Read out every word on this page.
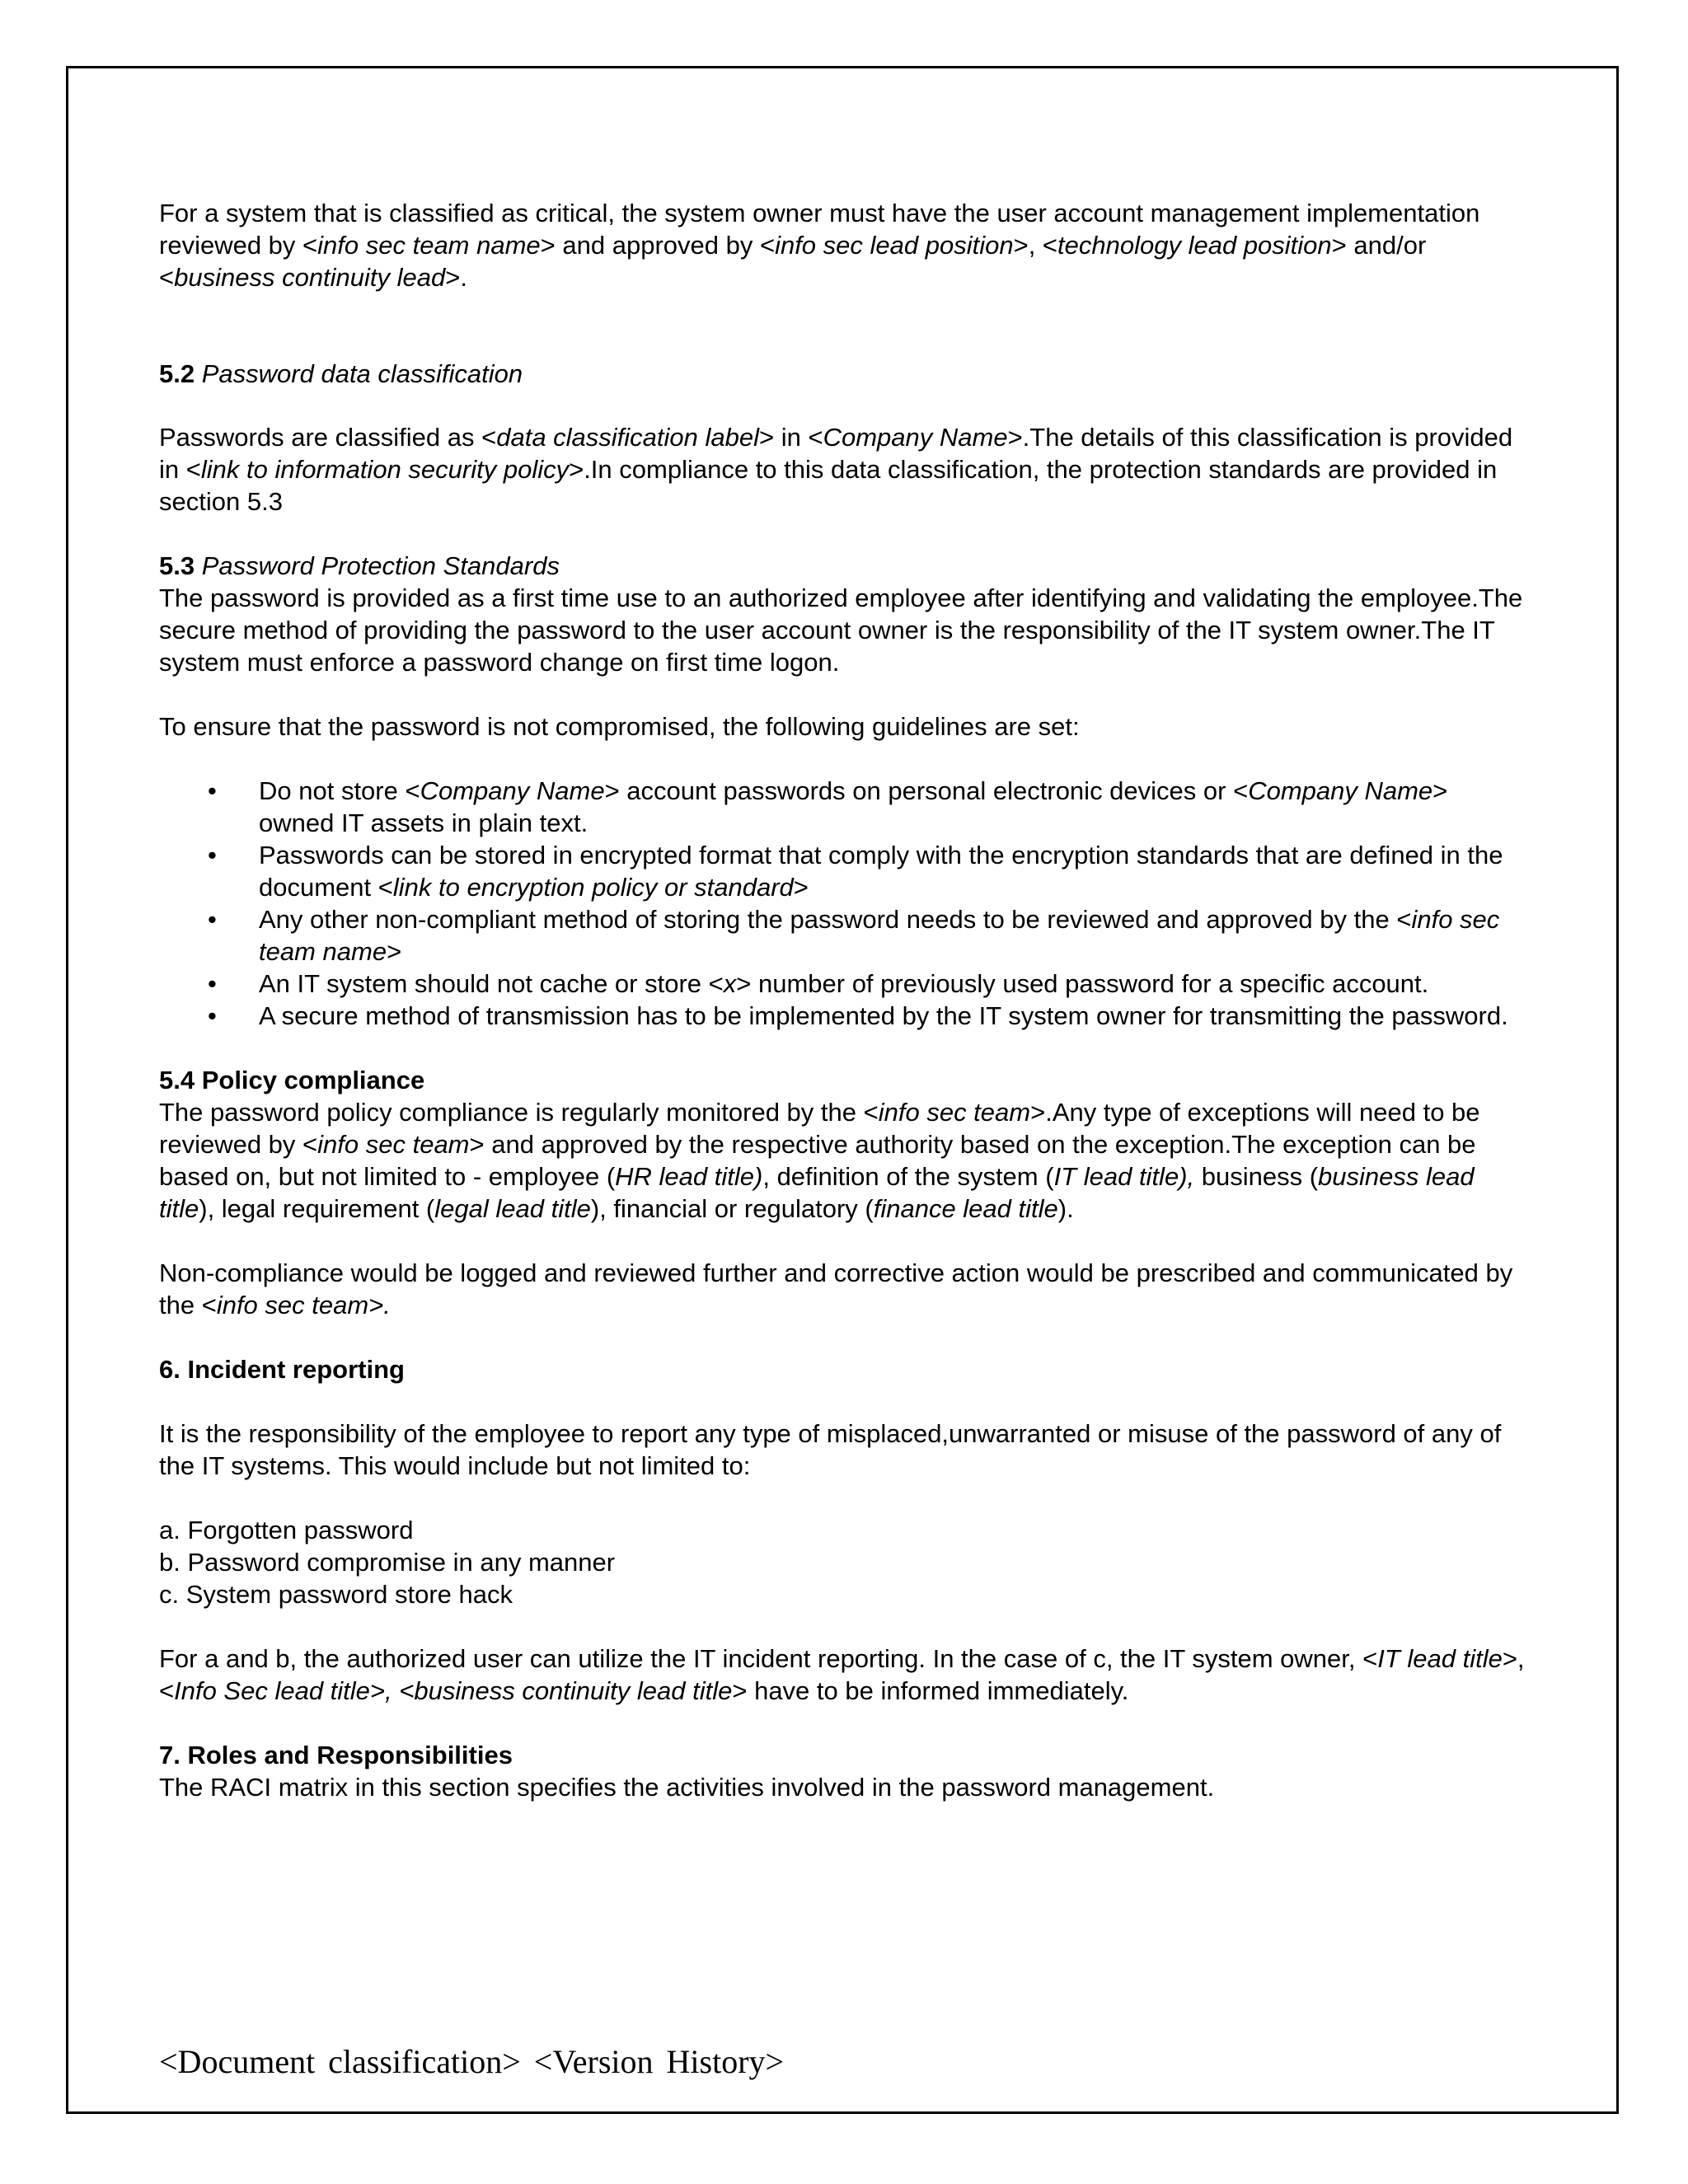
For a system that is classified as critical, the system owner must have the user account management implementation reviewed by <info sec team name> and approved by <info sec lead position>, <technology lead position> and/or <business continuity lead>.

5.2 Password data classification

Passwords are classified as <data classification label> in <Company Name>.The details of this classification is provided in <link to information security policy>.In compliance to this data classification, the protection standards are provided in section 5.3

5.3 Password Protection Standards

The password is provided as a first time use to an authorized employee after identifying and validating the employee.The secure method of providing the password to the user account owner is the responsibility of the IT system owner.The IT system must enforce a password change on first time logon.

To ensure that the password is not compromised, the following guidelines are set:

• Do not store <Company Name> account passwords on personal electronic devices or <Company Name> owned IT assets in plain text.
• Passwords can be stored in encrypted format that comply with the encryption standards that are defined in the document <link to encryption policy or standard>
• Any other non-compliant method of storing the password needs to be reviewed and approved by the <info sec team name>
• An IT system should not cache or store <x> number of previously used password for a specific account.
• A secure method of transmission has to be implemented by the IT system owner for transmitting the password.

5.4 Policy compliance

The password policy compliance is regularly monitored by the <info sec team>.Any type of exceptions will need to be reviewed by <info sec team> and approved by the respective authority based on the exception.The exception can be based on, but not limited to - employee (HR lead title), definition of the system (IT lead title), business (business lead title), legal requirement (legal lead title), financial or regulatory (finance lead title).

Non-compliance would be logged and reviewed further and corrective action would be prescribed and communicated by the <info sec team>.

6. Incident reporting

It is the responsibility of the employee to report any type of misplaced,unwarranted or misuse of the password of any of the IT systems. This would include but not limited to:

a. Forgotten password

b. Password compromise in any manner

c. System password store hack

For a and b, the authorized user can utilize the IT incident reporting. In the case of c, the IT system owner, <IT lead title>, <Info Sec lead title>, <business continuity lead title> have to be informed immediately.

7. Roles and Responsibilities

The RACI matrix in this section specifies the activities involved in the password management.

<Document classification> <Version History>
